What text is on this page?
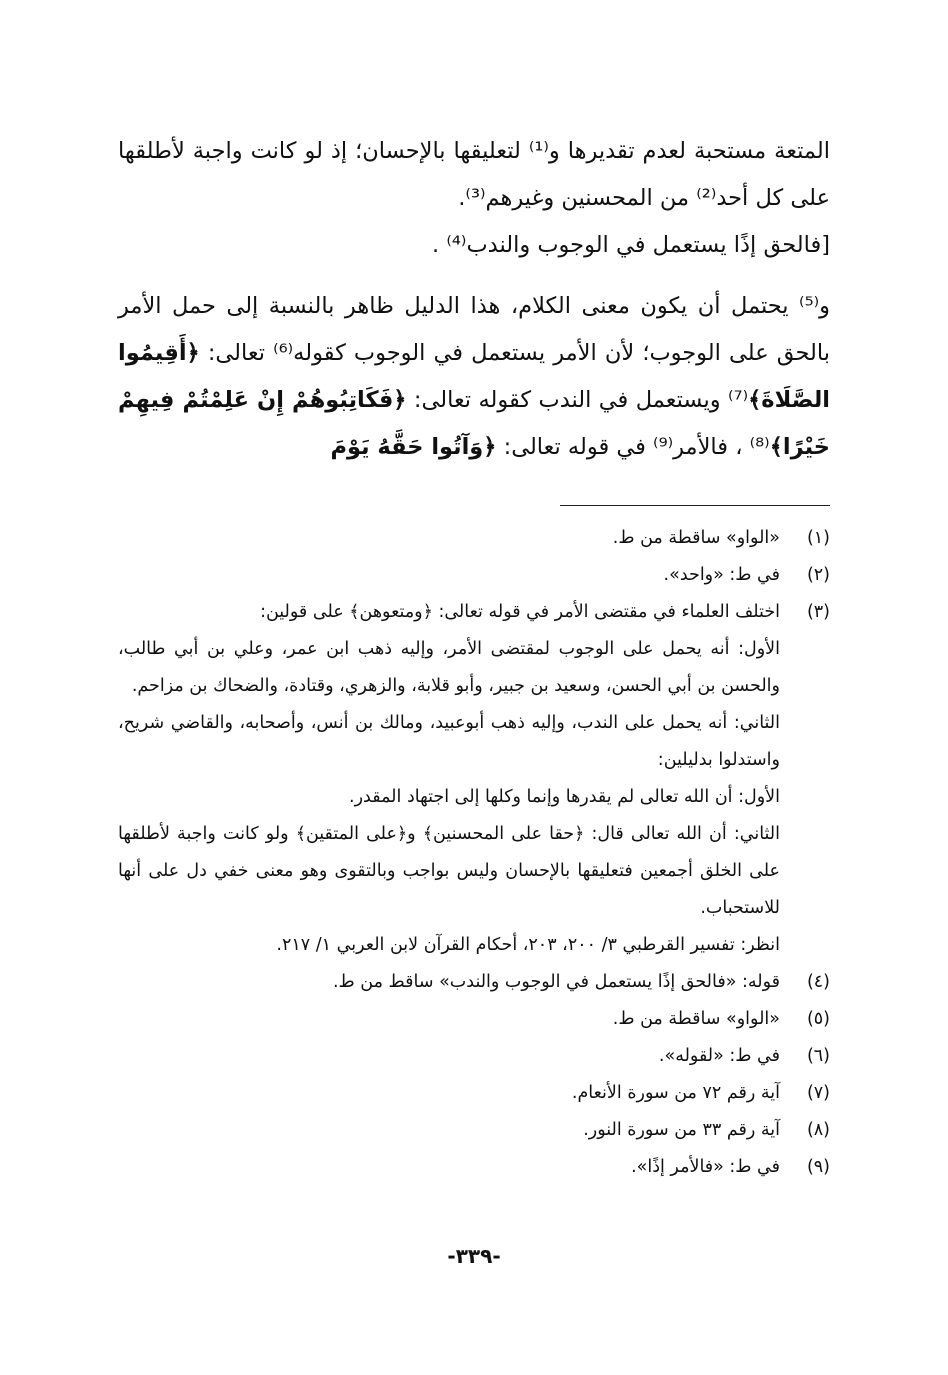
المتعة مستحبة لعدم تقديرها و⁽¹⁾ لتعليقها بالإحسان؛ إذ لو كانت واجبة لأطلقها على كل أحد⁽²⁾ من المحسنين وغيرهم⁽³⁾.

[فالحق إذًا يستعمل في الوجوب والندب⁽⁴⁾ .

و⁽⁵⁾ يحتمل أن يكون معنى الكلام، هذا الدليل ظاهر بالنسبة إلى حمل الأمر بالحق على الوجوب؛ لأن الأمر يستعمل في الوجوب كقوله⁽⁶⁾ تعالى: ﴿أَقِيمُوا الصَّلَاةَ﴾⁽⁷⁾ ويستعمل في الندب كقوله تعالى: ﴿فَكَاتِبُوهُمْ إِنْ عَلِمْتُمْ فِيهِمْ خَيْرًا﴾⁽⁸⁾ ، فالأمر⁽⁹⁾ في قوله تعالى: ﴿وَآتُوا حَقَّهُ يَوْمَ

(١)
«الواو» ساقطة من ط.
(٢)
في ط: «واحد».
(٣)
اختلف العلماء في مقتضى الأمر في قوله تعالى: ﴿ومتعوهن﴾ على قولين:
الأول: أنه يحمل على الوجوب لمقتضى الأمر، وإليه ذهب ابن عمر، وعلي بن أبي طالب، والحسن بن أبي الحسن، وسعيد بن جبير، وأبو قلابة، والزهري، وقتادة، والضحاك بن مزاحم.
الثاني: أنه يحمل على الندب، وإليه ذهب أبوعبيد، ومالك بن أنس، وأصحابه، والقاضي شريح، واستدلوا بدليلين:
الأول: أن الله تعالى لم يقدرها وإنما وكلها إلى اجتهاد المقدر.
الثاني: أن الله تعالى قال: ﴿حقا على المحسنين﴾ و﴿على المتقين﴾ ولو كانت واجبة لأطلقها على الخلق أجمعين فتعليقها بالإحسان وليس بواجب وبالتقوى وهو معنى خفي دل على أنها للاستحباب.
انظر: تفسير القرطبي ٣/ ٢٠٠، ٢٠٣، أحكام القرآن لابن العربي ١/ ٢١٧.
(٤)
قوله: «فالحق إذًا يستعمل في الوجوب والندب» ساقط من ط.
(٥)
«الواو» ساقطة من ط.
(٦)
في ط: «لقوله».
(٧)
آية رقم ٧٢ من سورة الأنعام.
(٨)
آية رقم ٣٣ من سورة النور.
(٩)
في ط: «فالأمر إذًا».
-٣٣٩-
